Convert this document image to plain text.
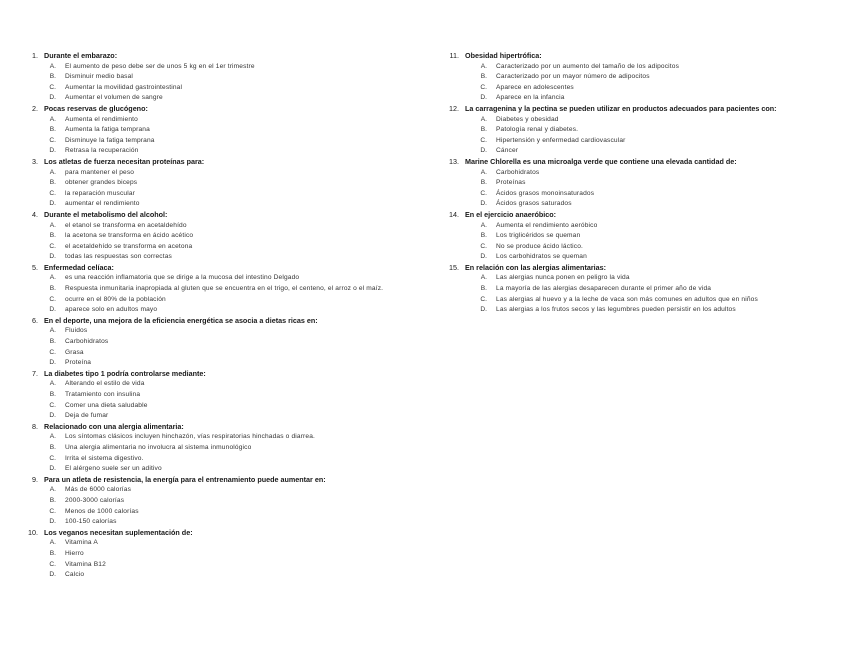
1. Durante el embarazo:
A.	El aumento de peso debe ser de unos 5 kg en el 1er trimestre
B.	Disminuir medio basal
C.	Aumentar la movilidad gastrointestinal
D.	Aumentar el volumen de sangre
2. Pocas reservas de glucógeno:
A.	Aumenta el rendimiento
B.	Aumenta la fatiga temprana
C.	Disminuye la fatiga temprana
D.	Retrasa la recuperación
3. Los atletas de fuerza necesitan proteínas para:
A.	para mantener el peso
B.	obtener grandes biceps
C.	la reparación muscular
D.	aumentar el rendimiento
4. Durante el metabolismo del alcohol:
A.	el etanol se transforma en acetaldehído
B.	la acetona se transforma en ácido acético
C.	el acetaldehído se transforma en acetona
D.	todas las respuestas son correctas
5. Enfermedad celíaca:
A.	es una reacción inflamatoria que se dirige a la mucosa del intestino Delgado
B.	Respuesta inmunitaria inapropiada al gluten que se encuentra en el trigo, el centeno, el arroz o el maíz.
C.	ocurre en el 80% de la población
D.	aparece solo en adultos mayo
6. En el deporte, una mejora de la eficiencia energética se asocia a dietas ricas en:
A.	Fluidos
B.	Carbohidratos
C.	Grasa
D.	Proteína
7. La diabetes tipo 1 podría controlarse mediante:
A.	Alterando el estilo de vida
B.	Tratamiento con insulina
C.	Comer una dieta saludable
D.	Deja de fumar
8. Relacionado con una alergia alimentaria:
A.	Los síntomas clásicos incluyen hinchazón, vías respiratorias hinchadas o diarrea.
B.	Una alergia alimentaria no involucra al sistema inmunológico
C.	Irrita el sistema digestivo.
D.	El alérgeno suele ser un aditivo
9. Para un atleta de resistencia, la energía para el entrenamiento puede aumentar en:
A.	Más de 6000 calorías
B.	2000-3000 calorías
C.	Menos de 1000 calorías
D.	100-150 calorías
10. Los veganos necesitan suplementación de:
A.	Vitamina A
B.	Hierro
C.	Vitamina B12
D.	Calcio
11. Obesidad hipertrófica:
A.	Caracterizado por un aumento del tamaño de los adipocitos
B.	Caracterizado por un mayor número de adipocitos
C.	Aparece en adolescentes
D.	Aparece en la infancia
12. La carragenina y la pectina se pueden utilizar en productos adecuados para pacientes con:
A.	Diabetes y obesidad
B.	Patología renal y diabetes.
C.	Hipertensión y enfermedad cardiovascular
D.	Cáncer
13. Marine Chlorella es una microalga verde que contiene una elevada cantidad de:
A.	Carbohidratos
B.	Proteínas
C.	Ácidos grasos monoinsaturados
D.	Ácidos grasos saturados
14. En el ejercicio anaeróbico:
A.	Aumenta el rendimiento aeróbico
B.	Los triglicéridos se queman
C.	No se produce ácido láctico.
D.	Los carbohidratos se queman
15. En relación con las alergias alimentarias:
A.	Las alergias nunca ponen en peligro la vida
B.	La mayoría de las alergias desaparecen durante el primer año de vida
C.	Las alergias al huevo y a la leche de vaca son más comunes en adultos que en niños
D.	Las alergias a los frutos secos y las legumbres pueden persistir en los adultos
